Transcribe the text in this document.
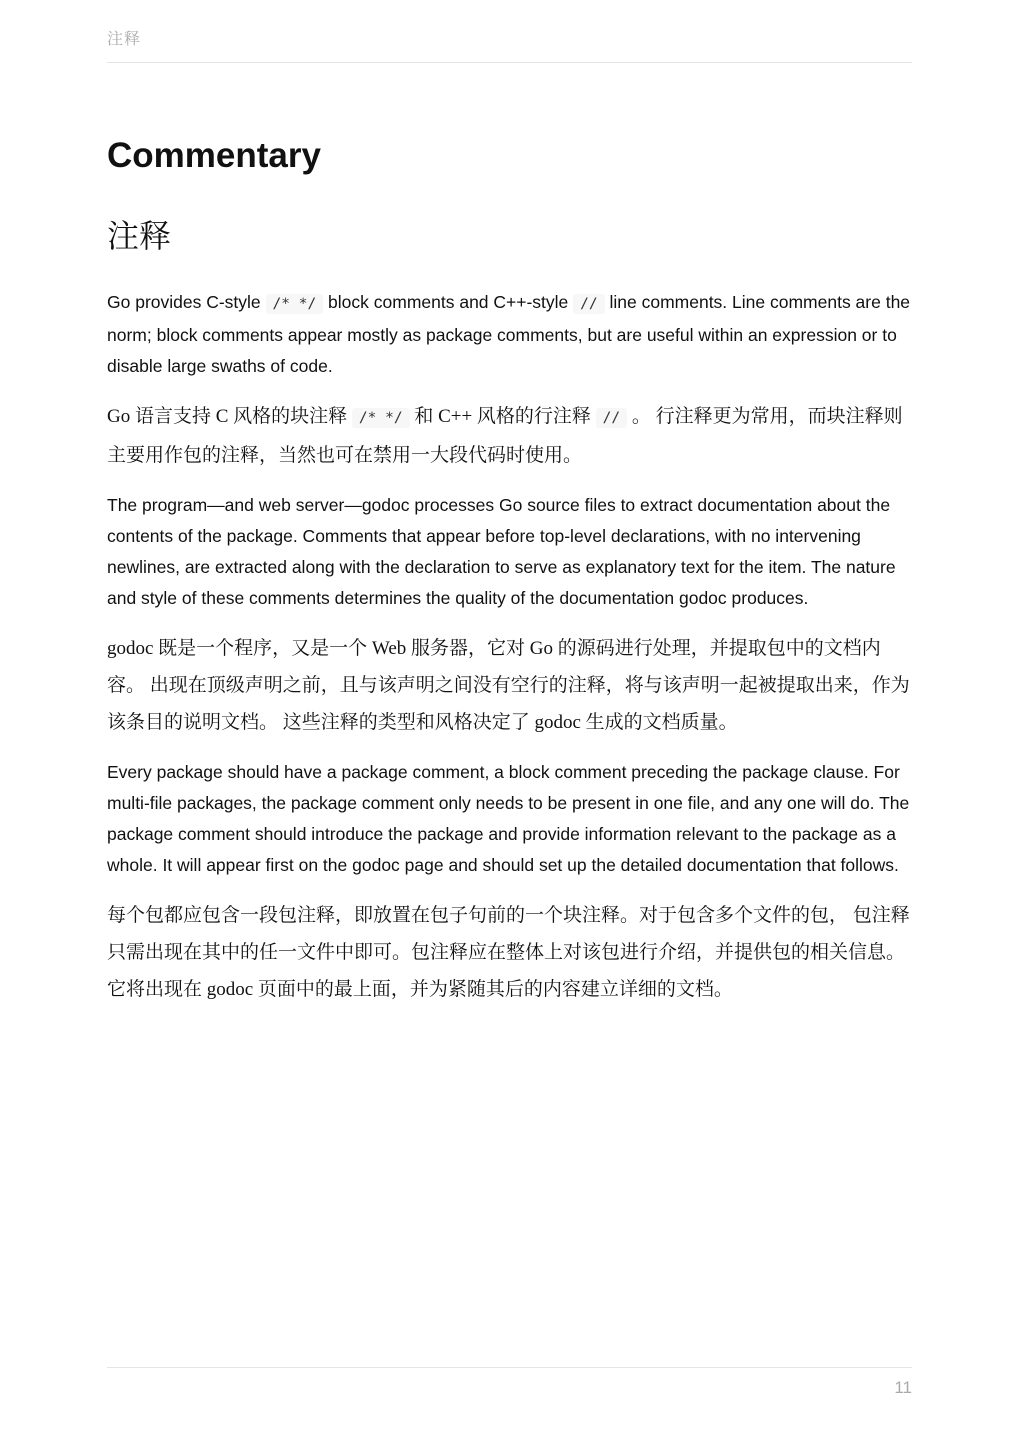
注释
Commentary
注释

Go provides C-style /* */ block comments and C++-style // line comments. Line comments are the norm; block comments appear mostly as package comments, but are useful within an expression or to disable large swaths of code.

Go 语言支持 C 风格的块注释 /* */ 和 C++ 风格的行注释 // 。 行注释更为常用，而块注释则主要用作包的注释，当然也可在禁用一大段代码时使用。

The program—and web server—godoc processes Go source files to extract documentation about the contents of the package. Comments that appear before top-level declarations, with no intervening newlines, are extracted along with the declaration to serve as explanatory text for the item. The nature and style of these comments determines the quality of the documentation godoc produces.

godoc 既是一个程序，又是一个 Web 服务器，它对 Go 的源码进行处理，并提取包中的文档内容。 出现在顶级声明之前，且与该声明之间没有空行的注释，将与该声明一起被提取出来，作为该条目的说明文档。 这些注释的类型和风格决定了 godoc 生成的文档质量。

Every package should have a package comment, a block comment preceding the package clause. For multi-file packages, the package comment only needs to be present in one file, and any one will do. The package comment should introduce the package and provide information relevant to the package as a whole. It will appear first on the godoc page and should set up the detailed documentation that follows.

每个包都应包含一段包注释，即放置在包子句前的一个块注释。对于包含多个文件的包， 包注释只需出现在其中的任一文件中即可。包注释应在整体上对该包进行介绍，并提供包的相关信息。 它将出现在 godoc 页面中的最上面，并为紧随其后的内容建立详细的文档。

11
